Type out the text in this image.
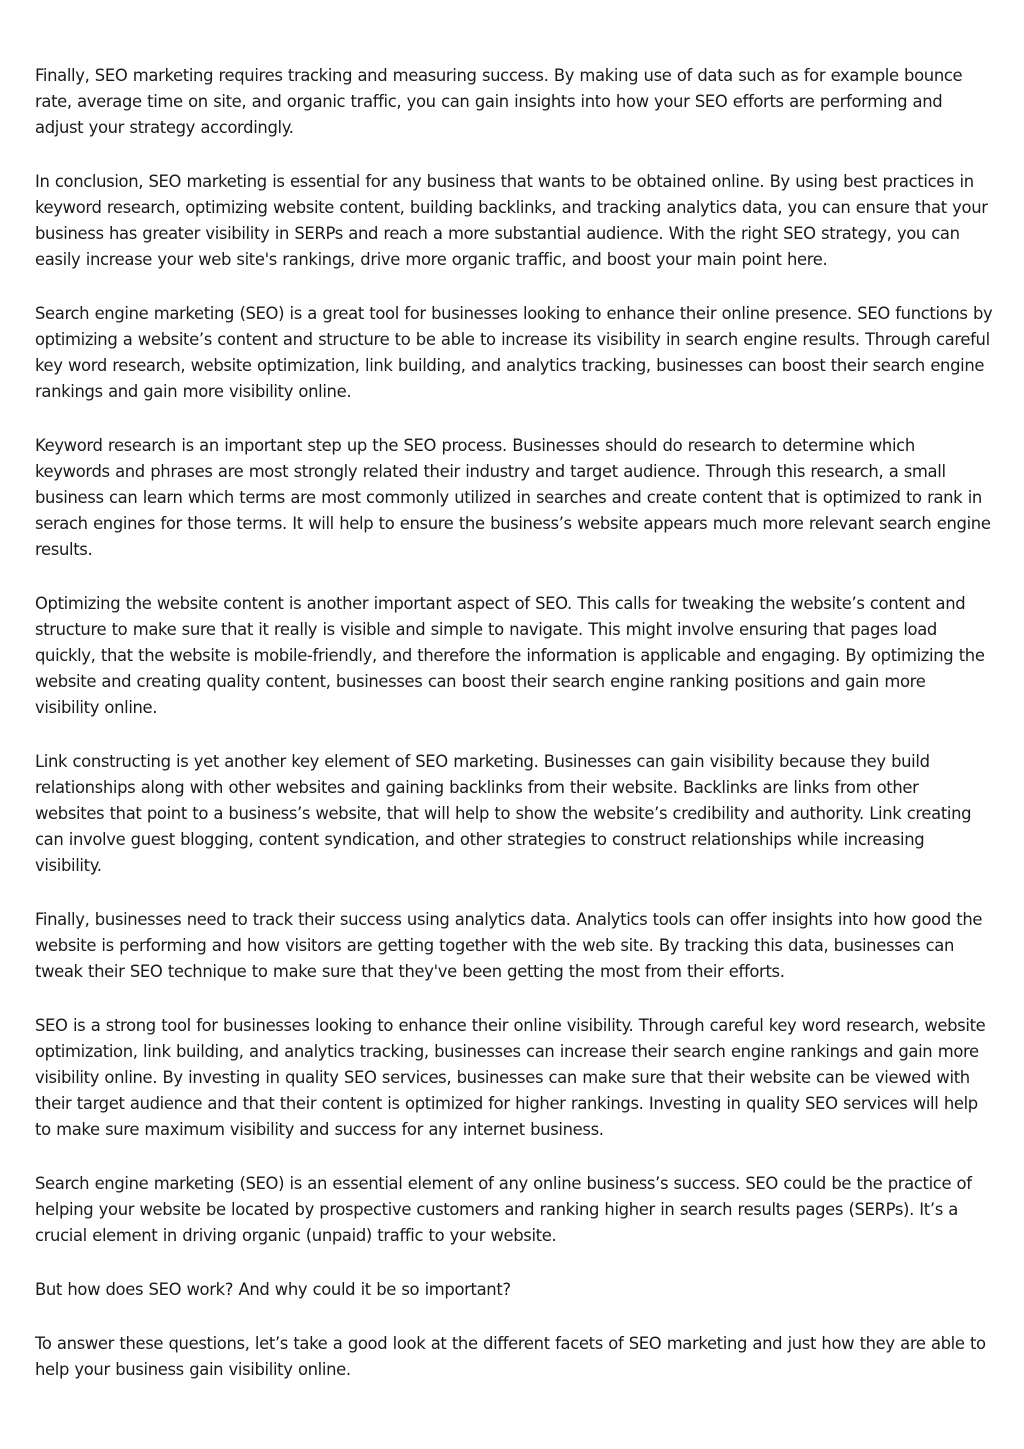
Finally, SEO marketing requires tracking and measuring success. By making use of data such as for example bounce rate, average time on site, and organic traffic, you can gain insights into how your SEO efforts are performing and adjust your strategy accordingly.

In conclusion, SEO marketing is essential for any business that wants to be obtained online. By using best practices in keyword research, optimizing website content, building backlinks, and tracking analytics data, you can ensure that your business has greater visibility in SERPs and reach a more substantial audience. With the right SEO strategy, you can easily increase your web site's rankings, drive more organic traffic, and boost your main point here.

Search engine marketing (SEO) is a great tool for businesses looking to enhance their online presence. SEO functions by optimizing a website’s content and structure to be able to increase its visibility in search engine results. Through careful key word research, website optimization, link building, and analytics tracking, businesses can boost their search engine rankings and gain more visibility online.

Keyword research is an important step up the SEO process. Businesses should do research to determine which keywords and phrases are most strongly related their industry and target audience. Through this research, a small business can learn which terms are most commonly utilized in searches and create content that is optimized to rank in serach engines for those terms. It will help to ensure the business’s website appears much more relevant search engine results.

Optimizing the website content is another important aspect of SEO. This calls for tweaking the website’s content and structure to make sure that it really is visible and simple to navigate. This might involve ensuring that pages load quickly, that the website is mobile-friendly, and therefore the information is applicable and engaging. By optimizing the website and creating quality content, businesses can boost their search engine ranking positions and gain more visibility online.

Link constructing is yet another key element of SEO marketing. Businesses can gain visibility because they build relationships along with other websites and gaining backlinks from their website. Backlinks are links from other websites that point to a business’s website, that will help to show the website’s credibility and authority. Link creating can involve guest blogging, content syndication, and other strategies to construct relationships while increasing visibility.

Finally, businesses need to track their success using analytics data. Analytics tools can offer insights into how good the website is performing and how visitors are getting together with the web site. By tracking this data, businesses can tweak their SEO technique to make sure that they've been getting the most from their efforts.

SEO is a strong tool for businesses looking to enhance their online visibility. Through careful key word research, website optimization, link building, and analytics tracking, businesses can increase their search engine rankings and gain more visibility online. By investing in quality SEO services, businesses can make sure that their website can be viewed with their target audience and that their content is optimized for higher rankings. Investing in quality SEO services will help to make sure maximum visibility and success for any internet business.

Search engine marketing (SEO) is an essential element of any online business’s success. SEO could be the practice of helping your website be located by prospective customers and ranking higher in search results pages (SERPs). It’s a crucial element in driving organic (unpaid) traffic to your website.

But how does SEO work? And why could it be so important?

To answer these questions, let’s take a good look at the different facets of SEO marketing and just how they are able to help your business gain visibility online.
